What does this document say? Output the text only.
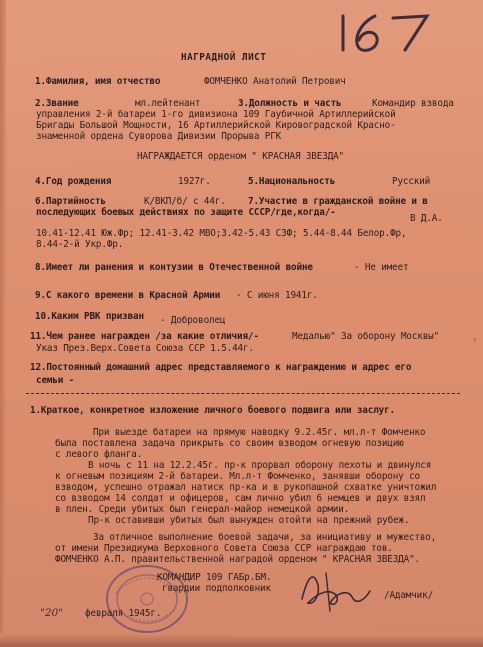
НАГРАДНОЙ ЛИСТ
1.Фамилия, имя отчество	ФОМЧЕНКО Анатолий Петрович
2.Звание	мл.лейтенант	3.Должность и часть	Командир взвода
управления 2-й батареи 1-го дивизиона 109 Гаубичной Артиллерийской
Бригады Большой Мощности, 16 Артиллерийской Кировоградской Красно-
знаменной ордена Суворова Дивизии Прорыва РГК
НАГРАЖДАЕТСЯ орденом " КРАСНАЯ ЗВЕЗДА"
4.Год рождения	1927г.	5.Национальность	Русский
6.Партийность	К/ВКП/б/ с 44г. 7.Участие в гражданской войне и в
последующих боевых действиях по защите СССР/где,когда/-
В Д.А.
10.41-12.41 Юж.Фр; 12.41-3.42 МВО;3.42-5.43 СЗФ; 5.44-8.44 Белор.Фр,
8.44-2-й Укр.Фр.
8.Имеет ли ранения и контузии в Отечественной войне	- Не имеет
9.С какого времени в Красной Армии - С июня 1941г.
10.Каким РВК призван - Доброволец
11.Чем ранее награжден /за какие отличия/-	Медалью" За оборону Москвы"
Указ През.Верх.Совета Союза ССР 1.5.44г.
12.Постоянный домашний адрес представляемого к награждению и адрес его
семьи -
1.Краткое, конкретное изложение личного боевого подвига или заслуг.
При выезде батареи на прямую наводку 9.2.45г. мл.л-т Фомченко
была поставлена задача прикрыть со своим взводом огневую позицию
с левого фланга.
В ночь с 11 на 12.2.45г. пр-к прорвал оборону пехоты и двинулся
к огневым позициям 2-й батареи. Мл.л-т Фомченко, занявши оборону со
взводом, успешно отражал натиск пр-ка и в рукопашной схватке уничтожил
со взводом 14 солдат и офицеров, сам лично убил 6 немцев и двух взял
в плен. Среди убитых был генерал-майор немецкой армии.
Пр-к оставивши убитых был вынужден отойти на прежний рубеж.
За отличное выполнение боевой задачи, за инициативу и мужество,
от имени Президиума Верховного Совета Союза ССР награждаю тов.
ФОМЧЕНКО А.П. правительственной наградой орденом " КРАСНАЯ ЗВЕЗДА".
КОМАНДИР 109 ГАБр.БМ.
гвардии подполковник
/Адамчик/
"20" февраля 1945г.
›
